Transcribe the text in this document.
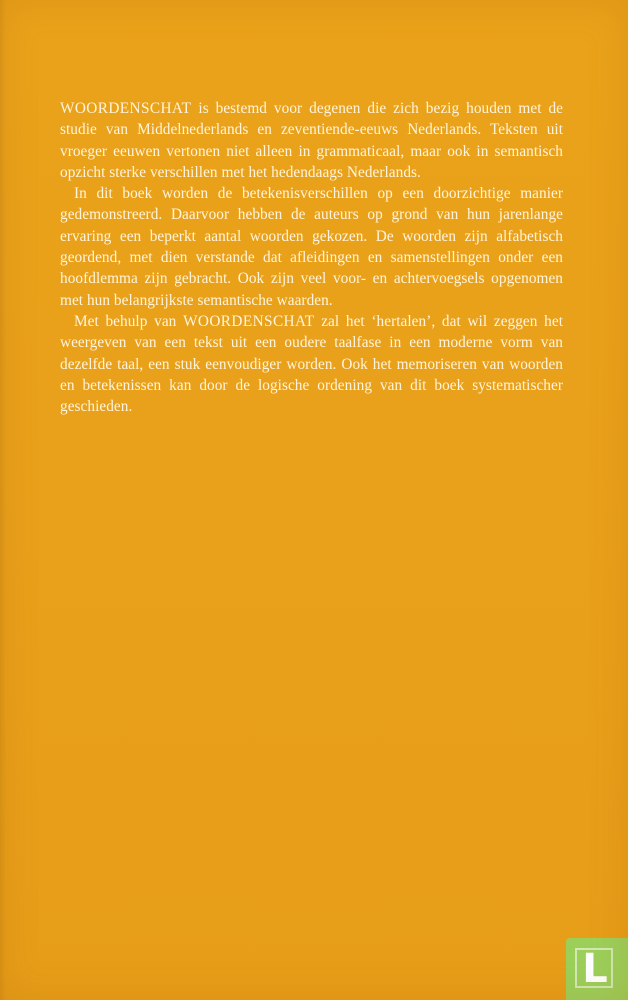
WOORDENSCHAT is bestemd voor degenen die zich bezig houden met de studie van Middelnederlands en zeventiende-eeuws Nederlands. Teksten uit vroeger eeuwen vertonen niet alleen in grammaticaal, maar ook in semantisch opzicht sterke verschillen met het hedendaags Nederlands.

In dit boek worden de betekenisverschillen op een doorzichtige manier gedemonstreerd. Daarvoor hebben de auteurs op grond van hun jarenlange ervaring een beperkt aantal woorden gekozen. De woorden zijn alfabetisch geordend, met dien verstande dat afleidingen en samenstellingen onder een hoofdlemma zijn gebracht. Ook zijn veel voor- en achtervoegsels opgenomen met hun belangrijkste semantische waarden.

Met behulp van WOORDENSCHAT zal het ‘hertalen’, dat wil zeggen het weergeven van een tekst uit een oudere taalfase in een moderne vorm van dezelfde taal, een stuk eenvoudiger worden. Ook het memoriseren van woorden en betekenissen kan door de logische ordening van dit boek systematischer geschieden.

L
